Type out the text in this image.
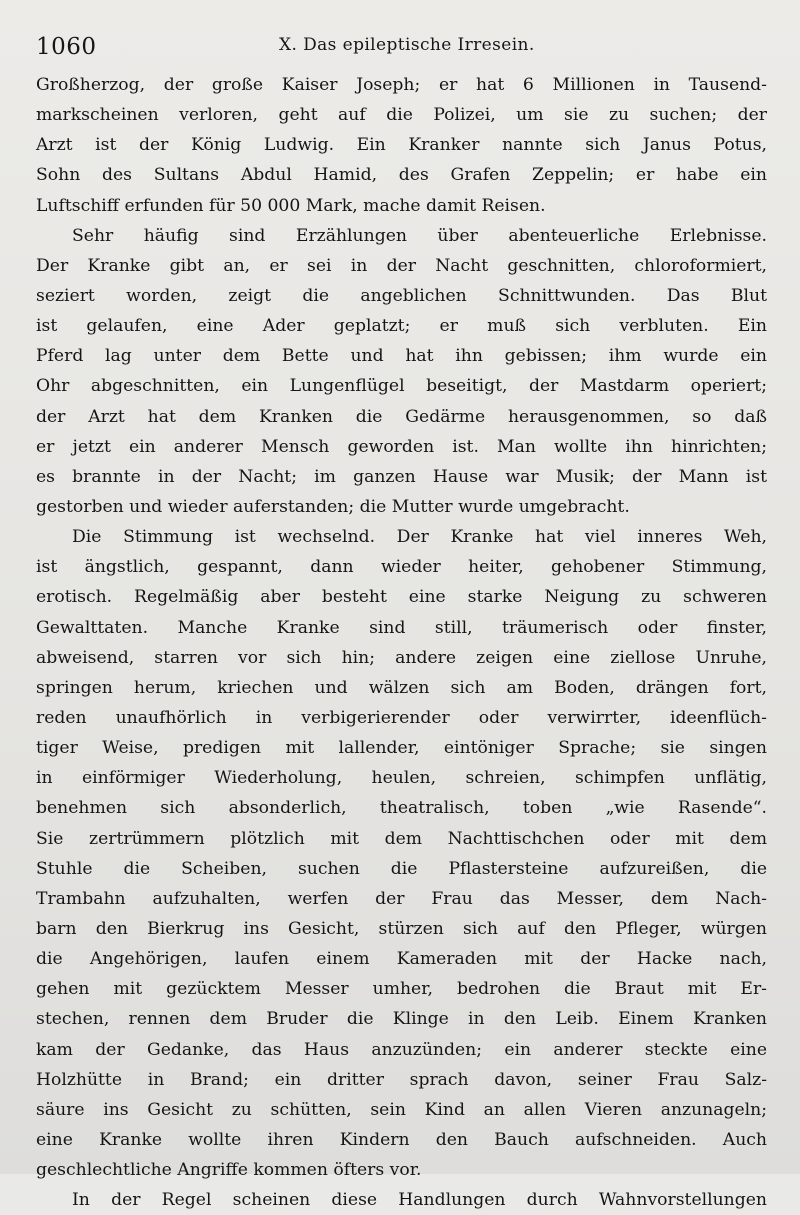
1060	X. Das epileptische Irresein.
Großherzog, der große Kaiser Joseph; er hat 6 Millionen in Tausend-
markscheinen verloren, geht auf die Polizei, um sie zu suchen; der
Arzt ist der König Ludwig. Ein Kranker nannte sich Janus Potus,
Sohn des Sultans Abdul Hamid, des Grafen Zeppelin; er habe ein
Luftschiff erfunden für 50 000 Mark, mache damit Reisen.
Sehr häufig sind Erzählungen über abenteuerliche Erlebnisse.
Der Kranke gibt an, er sei in der Nacht geschnitten, chloroformiert,
seziert worden, zeigt die angeblichen Schnittwunden. Das Blut
ist gelaufen, eine Ader geplatzt; er muß sich verbluten. Ein
Pferd lag unter dem Bette und hat ihn gebissen; ihm wurde ein
Ohr abgeschnitten, ein Lungenflügel beseitigt, der Mastdarm operiert;
der Arzt hat dem Kranken die Gedärme herausgenommen, so daß
er jetzt ein anderer Mensch geworden ist. Man wollte ihn hinrichten;
es brannte in der Nacht; im ganzen Hause war Musik; der Mann ist
gestorben und wieder auferstanden; die Mutter wurde umgebracht.
Die Stimmung ist wechselnd. Der Kranke hat viel inneres Weh,
ist ängstlich, gespannt, dann wieder heiter, gehobener Stimmung,
erotisch. Regelmäßig aber besteht eine starke Neigung zu schweren
Gewalttaten. Manche Kranke sind still, träumerisch oder finster,
abweisend, starren vor sich hin; andere zeigen eine ziellose Unruhe,
springen herum, kriechen und wälzen sich am Boden, drängen fort,
reden unaufhörlich in verbigerierender oder verwirrter, ideenflüch-
tiger Weise, predigen mit lallender, eintöniger Sprache; sie singen
in einförmiger Wiederholung, heulen, schreien, schimpfen unflätig,
benehmen sich absonderlich, theatralisch, toben „wie Rasende“.
Sie zertrümmern plötzlich mit dem Nachttischchen oder mit dem
Stuhle die Scheiben, suchen die Pflastersteine aufzureißen, die
Trambahn aufzuhalten, werfen der Frau das Messer, dem Nach-
barn den Bierkrug ins Gesicht, stürzen sich auf den Pfleger, würgen
die Angehörigen, laufen einem Kameraden mit der Hacke nach,
gehen mit gezücktem Messer umher, bedrohen die Braut mit Er-
stechen, rennen dem Bruder die Klinge in den Leib. Einem Kranken
kam der Gedanke, das Haus anzuzünden; ein anderer steckte eine
Holzhütte in Brand; ein dritter sprach davon, seiner Frau Salz-
säure ins Gesicht zu schütten, sein Kind an allen Vieren anzunageln;
eine Kranke wollte ihren Kindern den Bauch aufschneiden. Auch
geschlechtliche Angriffe kommen öfters vor.
In der Regel scheinen diese Handlungen durch Wahnvorstellungen
